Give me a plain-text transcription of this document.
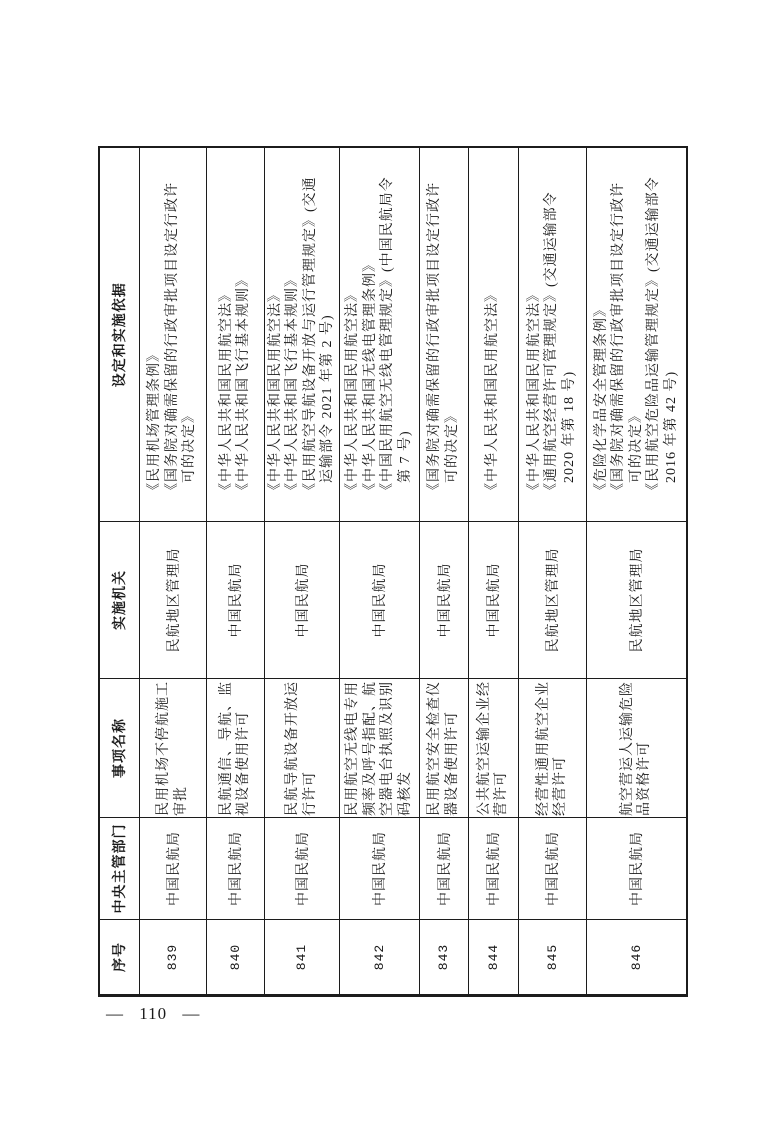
序号	中央主管部门	事项名称	实施机关	设定和实施依据
839	中国民航局	民用机场不停航施工审批	民航地区管理局	《民用机场管理条例》 《国务院对确需保留的行政审批项目设定行政许可的决定》

840	中国民航局	民航通信、导航、监视设备使用许可	中国民航局	《中华人民共和国民用航空法》 《中华人民共和国飞行基本规则》

841	中国民航局	民航导航设备开放运行许可	中国民航局	《中华人民共和国民用航空法》 《中华人民共和国飞行基本规则》 《民用航空导航设备开放与运行管理规定》(交通运输部令 2021 年第 2 号)

842	中国民航局	民用航空无线电专用频率及呼号指配、航空器电台执照及识别码核发	中国民航局	《中华人民共和国民用航空法》 《中华人民共和国无线电管理条例》 《中国民用航空无线电管理规定》(中国民航局令第 7 号)

843	中国民航局	民用航空安全检查仪器设备使用许可	中国民航局	《国务院对确需保留的行政审批项目设定行政许可的决定》

844	中国民航局	公共航空运输企业经营许可	中国民航局	《中华人民共和国民用航空法》

845	中国民航局	经营性通用航空企业经营许可	民航地区管理局	《中华人民共和国民用航空法》 《通用航空经营许可管理规定》(交通运输部令 2020 年第 18 号)

846	中国民航局	航空营运人运输危险品资格许可	民航地区管理局	《危险化学品安全管理条例》 《国务院对确需保留的行政审批项目设定行政许可的决定》 《民用航空危险品运输管理规定》(交通运输部令 2016 年第 42 号)
— 110 —
